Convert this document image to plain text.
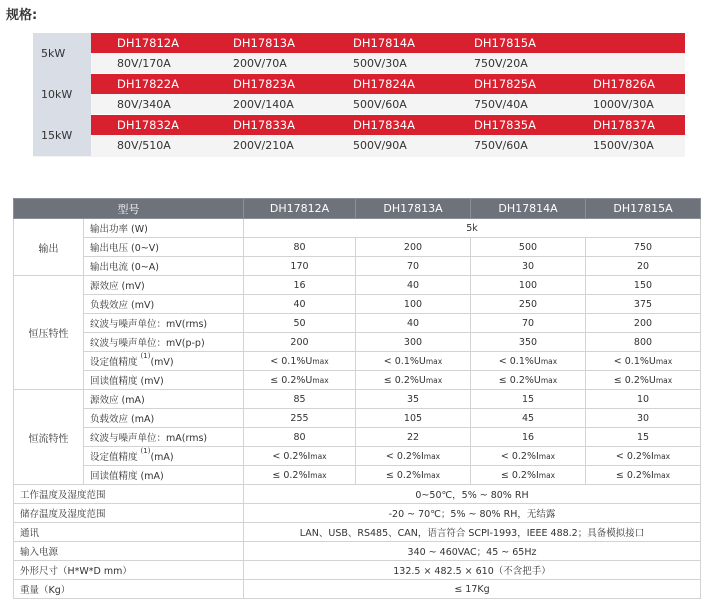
规格:
5kW
DH17812A	DH17813A	DH17814A	DH17815A
80V/170A	200V/70A	500V/30A	750V/20A
10kW
DH17822A	DH17823A	DH17824A	DH17825A	DH17826A
80V/340A	200V/140A	500V/60A	750V/40A	1000V/30A
15kW
DH17832A	DH17833A	DH17834A	DH17835A	DH17837A
80V/510A	200V/210A	500V/90A	750V/60A	1500V/30A
型号		DH17812A	DH17813A	DH17814A	DH17815A
输出	输出功率 (W)	5k			
	输出电压 (0~V)	80	200	500	750
	输出电流 (0~A)	170	70	30	20
恒压特性	源效应 (mV)	16	40	100	150
	负载效应 (mV)	40	100	250	375
	纹波与噪声单位：mV(rms)	50	40	70	200
	纹波与噪声单位：mV(p-p)	200	300	350	800
	设定值精度 $^{(1)}$(mV)	< 0.1%Umax	< 0.1%Umax	< 0.1%Umax	< 0.1%Umax
	回读值精度 (mV)	≤ 0.2%Umax	≤ 0.2%Umax	≤ 0.2%Umax	≤ 0.2%Umax
恒流特性	源效应 (mA)	85	35	15	10
	负载效应 (mA)	255	105	45	30
	纹波与噪声单位：mA(rms)	80	22	16	15
	设定值精度 $^{(1)}$(mA)	< 0.2%Imax	< 0.2%Imax	< 0.2%Imax	< 0.2%Imax
	回读值精度 (mA)	≤ 0.2%Imax	≤ 0.2%Imax	≤ 0.2%Imax	≤ 0.2%Imax
工作温度及湿度范围		0~50℃，5% ~ 80% RH			
储存温度及湿度范围		-20 ~ 70℃；5% ~ 80% RH，无结露			
通讯		LAN、USB、RS485、CAN，语言符合 SCPI-1993，IEEE 488.2；具备模拟接口			
输入电源		340 ~ 460VAC；45 ~ 65Hz			
外形尺寸（H*W*D mm）		132.5 × 482.5 × 610（不含把手）			
重量（Kg）		≤ 17Kg			
